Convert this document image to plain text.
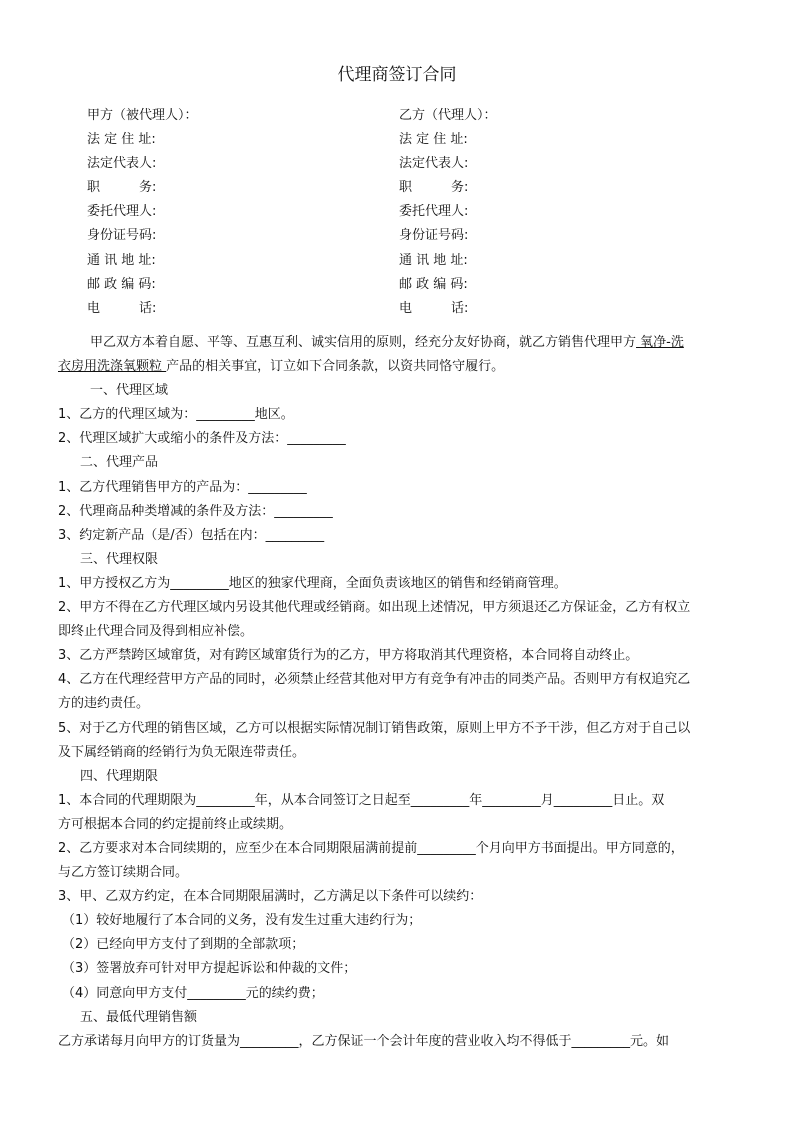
代理商签订合同
甲方（被代理人）：	乙方（代理人）：
法 定 住 址:	法 定 住 址:
法定代表人:	法定代表人:
职　　　务:	职　　　务:
委托代理人:	委托代理人:
身份证号码:	身份证号码:
通 讯 地 址:	通 讯 地 址:
邮 政 编 码:	邮 政 编 码:
电　　　话:	电　　　话:
甲乙双方本着自愿、平等、互惠互利、诚实信用的原则，经充分友好协商，就乙方销售代理甲方 氧净-洗
衣房用洗涤氧颗粒 产品的相关事宜，订立如下合同条款，以资共同恪守履行。
一、代理区域
1、乙方的代理区域为：_________地区。
2、代理区域扩大或缩小的条件及方法：_________
二、代理产品
1、乙方代理销售甲方的产品为：_________
2、代理商品种类增减的条件及方法：_________
3、约定新产品（是/否）包括在内：_________
三、代理权限
1、甲方授权乙方为_________地区的独家代理商，全面负责该地区的销售和经销商管理。
2、甲方不得在乙方代理区域内另设其他代理或经销商。如出现上述情况，甲方须退还乙方保证金，乙方有权立
即终止代理合同及得到相应补偿。
3、乙方严禁跨区域窜货，对有跨区域窜货行为的乙方，甲方将取消其代理资格，本合同将自动终止。
4、乙方在代理经营甲方产品的同时，必须禁止经营其他对甲方有竞争有冲击的同类产品。否则甲方有权追究乙
方的违约责任。
5、对于乙方代理的销售区域，乙方可以根据实际情况制订销售政策，原则上甲方不予干涉，但乙方对于自己以
及下属经销商的经销行为负无限连带责任。
四、代理期限
1、本合同的代理期限为_________年，从本合同签订之日起至_________年_________月_________日止。双
方可根据本合同的约定提前终止或续期。
2、乙方要求对本合同续期的，应至少在本合同期限届满前提前_________个月向甲方书面提出。甲方同意的，
与乙方签订续期合同。
3、甲、乙双方约定，在本合同期限届满时，乙方满足以下条件可以续约：
（1）较好地履行了本合同的义务，没有发生过重大违约行为；
（2）已经向甲方支付了到期的全部款项；
（3）签署放弃可针对甲方提起诉讼和仲裁的文件；
（4）同意向甲方支付_________元的续约费；
五、最低代理销售额
乙方承诺每月向甲方的订货量为_________，乙方保证一个会计年度的营业收入均不得低于_________元。如
